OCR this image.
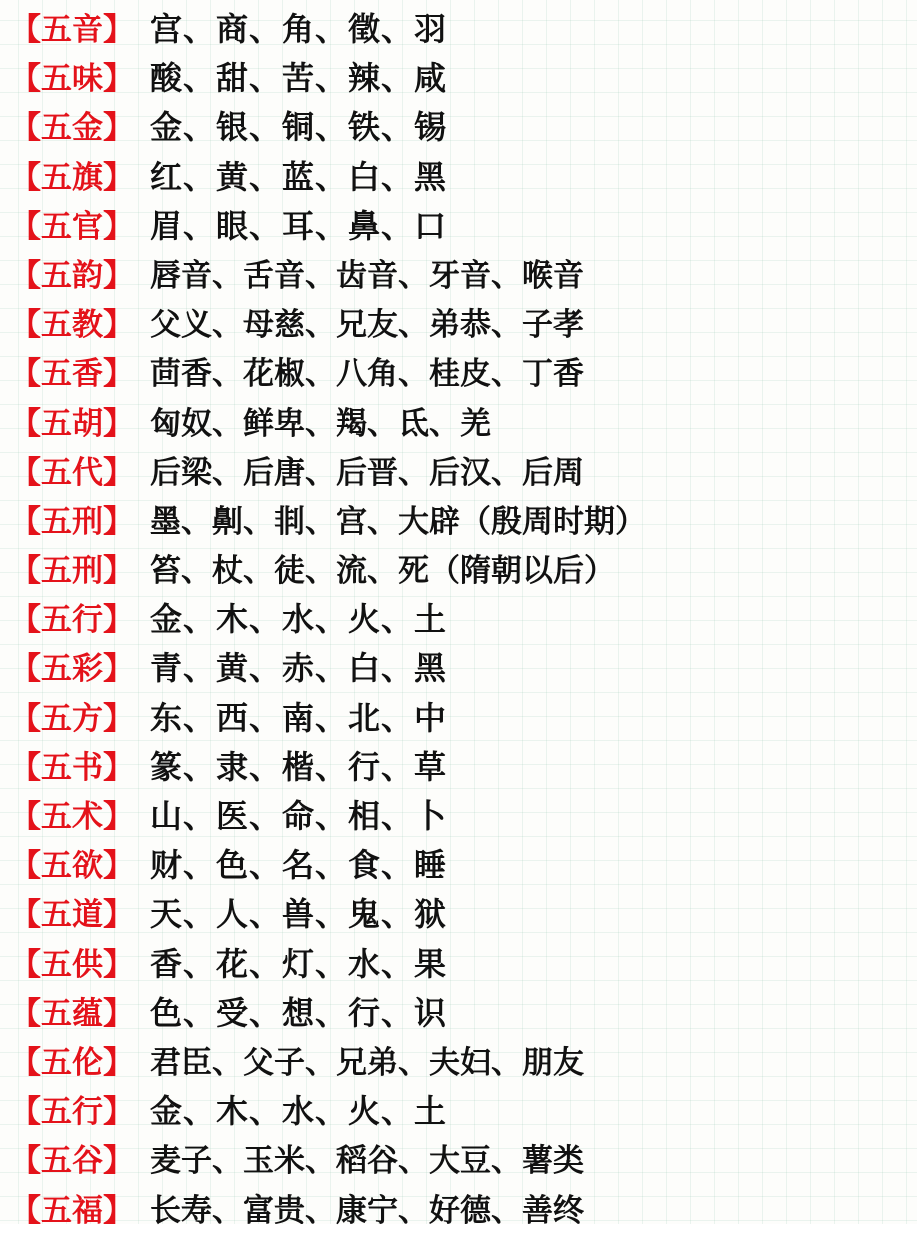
【五音】 宫、商、角、徵、羽
【五味】 酸、甜、苦、辣、咸
【五金】 金、银、铜、铁、锡
【五旗】 红、黄、蓝、白、黑
【五官】 眉、眼、耳、鼻、口
【五韵】 唇音、舌音、齿音、牙音、喉音
【五教】 父义、母慈、兄友、弟恭、子孝
【五香】 茴香、花椒、八角、桂皮、丁香
【五胡】 匈奴、鲜卑、羯、氐、羌
【五代】 后梁、后唐、后晋、后汉、后周
【五刑】 墨、劓、剕、宫、大辟（殷周时期）
【五刑】 笞、杖、徒、流、死（隋朝以后）
【五行】 金、木、水、火、土
【五彩】 青、黄、赤、白、黑
【五方】 东、西、南、北、中
【五书】 篆、隶、楷、行、草
【五术】 山、医、命、相、卜
【五欲】 财、色、名、食、睡
【五道】 天、人、兽、鬼、狱
【五供】 香、花、灯、水、果
【五蕴】 色、受、想、行、识
【五伦】 君臣、父子、兄弟、夫妇、朋友
【五行】 金、木、水、火、土
【五谷】 麦子、玉米、稻谷、大豆、薯类
【五福】 长寿、富贵、康宁、好德、善终
